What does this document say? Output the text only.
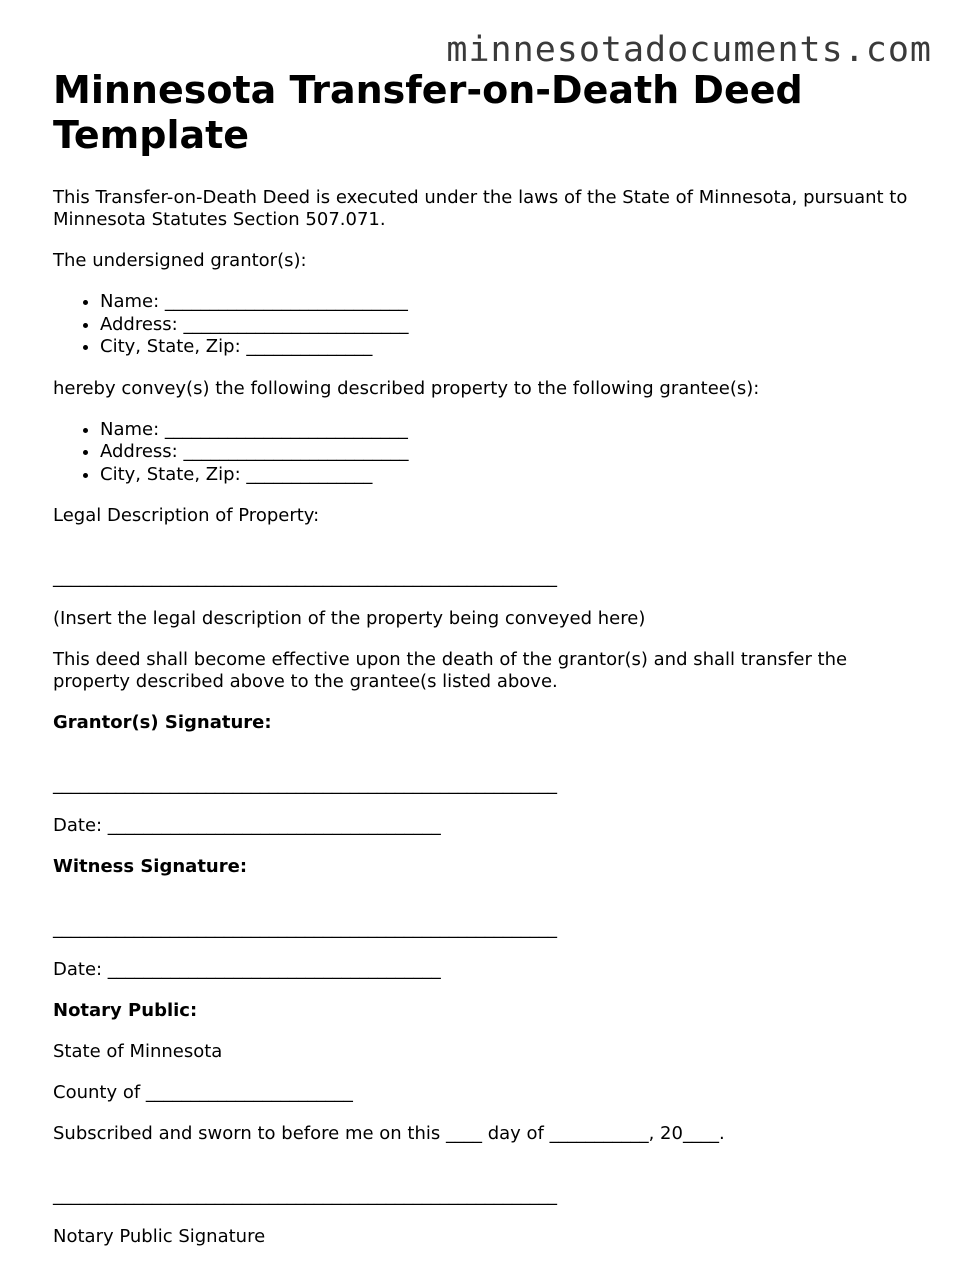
minnesotadocuments.com
Minnesota Transfer-on-Death Deed Template

This Transfer-on-Death Deed is executed under the laws of the State of Minnesota, pursuant to Minnesota Statutes Section 507.071.

The undersigned grantor(s):

• Name: ___________________________
• Address: _________________________
• City, State, Zip: ______________

hereby convey(s) the following described property to the following grantee(s):

• Name: ___________________________
• Address: _________________________
• City, State, Zip: ______________

Legal Description of Property:

________________________________________________________

(Insert the legal description of the property being conveyed here)

This deed shall become effective upon the death of the grantor(s) and shall transfer the property described above to the grantee(s listed above.

Grantor(s) Signature:

________________________________________________________

Date: _____________________________________

Witness Signature:

________________________________________________________

Date: _____________________________________

Notary Public:

State of Minnesota

County of _______________________

Subscribed and sworn to before me on this ____ day of ___________, 20____.

________________________________________________________

Notary Public Signature
